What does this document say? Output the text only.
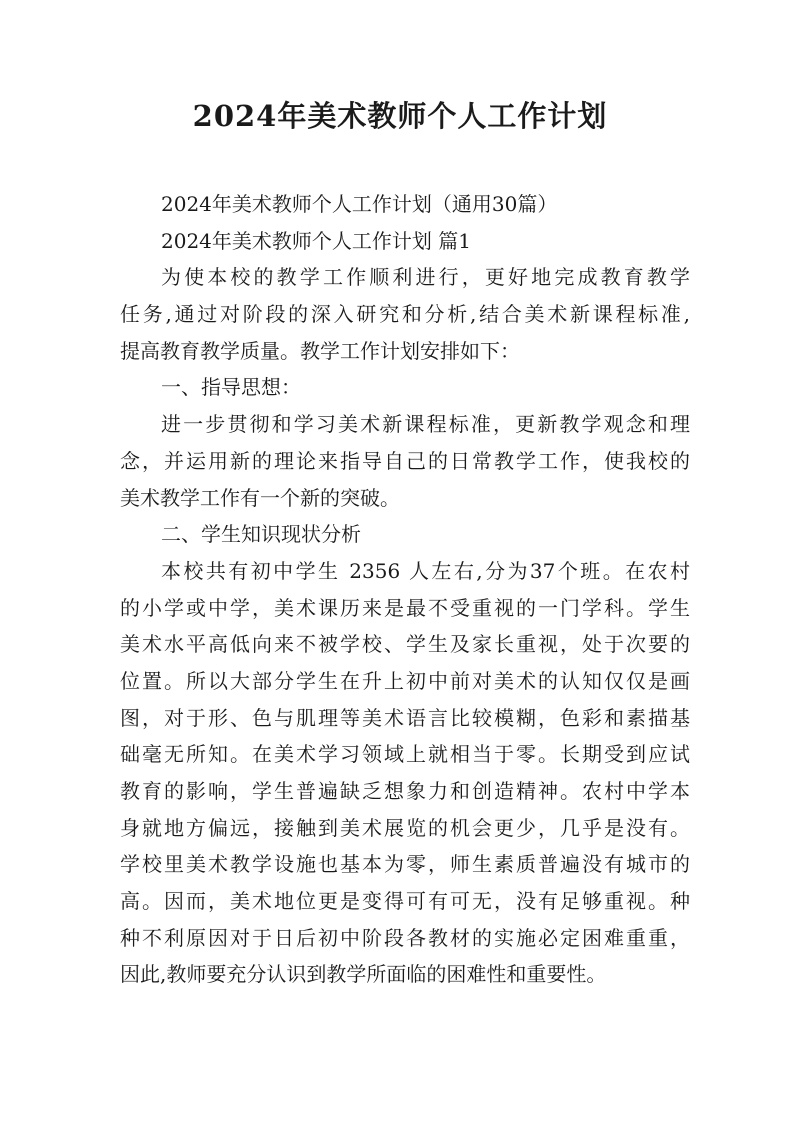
2024年美术教师个人工作计划
2024年美术教师个人工作计划（通用30篇）
2024年美术教师个人工作计划 篇1
为使本校的教学工作顺利进行，更好地完成教育教学
任务,通过对阶段的深入研究和分析,结合美术新课程标准,
提高教育教学质量。教学工作计划安排如下：
一、指导思想：
进一步贯彻和学习美术新课程标准，更新教学观念和理
念，并运用新的理论来指导自己的日常教学工作，使我校的
美术教学工作有一个新的突破。
二、学生知识现状分析
本校共有初中学生 2356 人左右,分为37个班。在农村
的小学或中学，美术课历来是最不受重视的一门学科。学生
美术水平高低向来不被学校、学生及家长重视，处于次要的
位置。所以大部分学生在升上初中前对美术的认知仅仅是画
图，对于形、色与肌理等美术语言比较模糊，色彩和素描基
础毫无所知。在美术学习领域上就相当于零。长期受到应试
教育的影响，学生普遍缺乏想象力和创造精神。农村中学本
身就地方偏远，接触到美术展览的机会更少，几乎是没有。
学校里美术教学设施也基本为零，师生素质普遍没有城市的
高。因而，美术地位更是变得可有可无，没有足够重视。种
种不利原因对于日后初中阶段各教材的实施必定困难重重，
因此,教师要充分认识到教学所面临的困难性和重要性。
